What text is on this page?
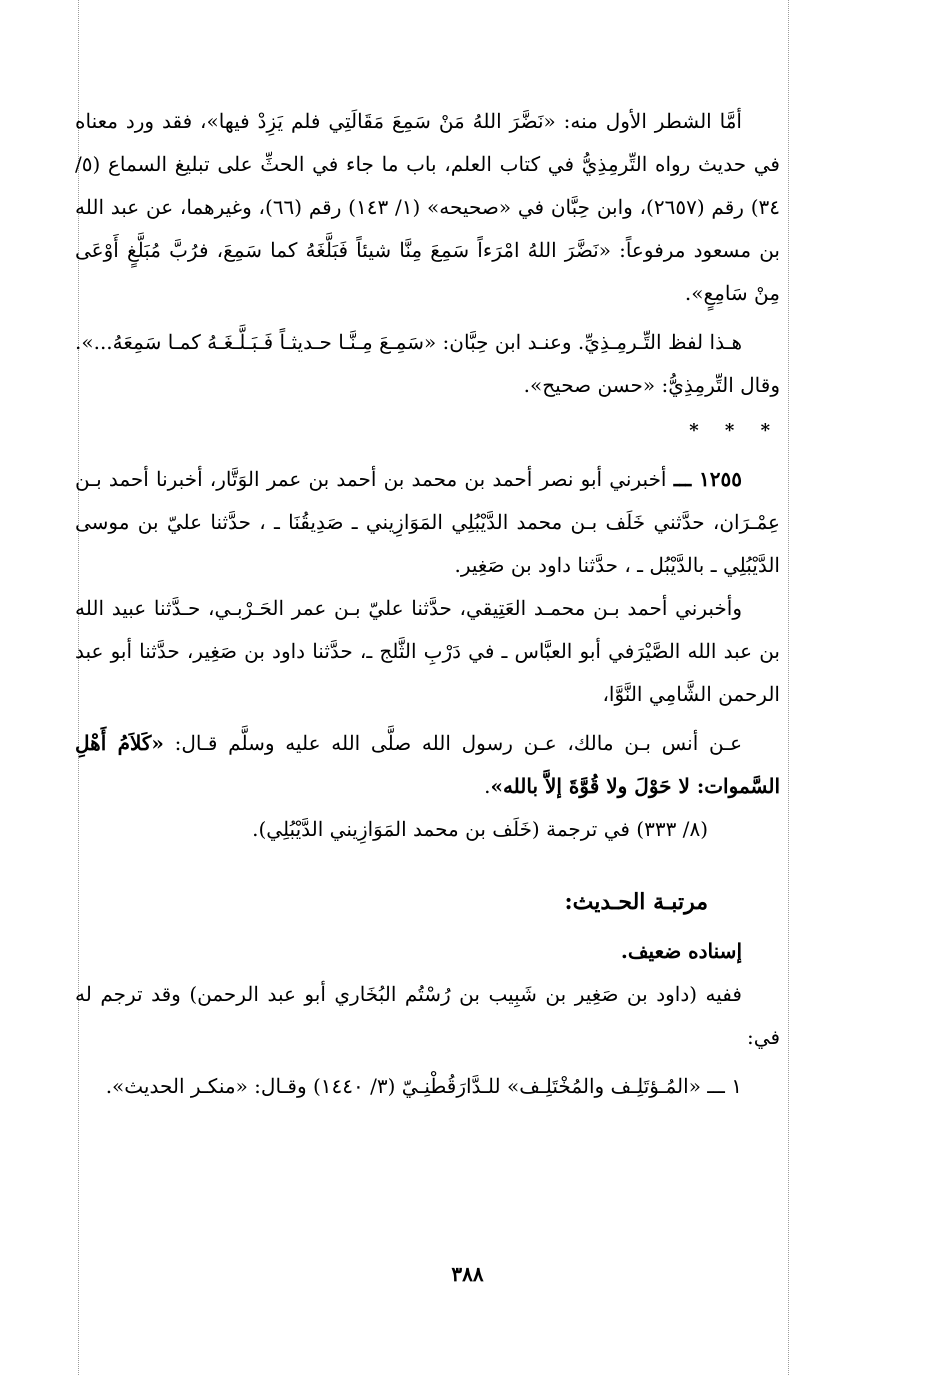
أمَّا الشطر الأول منه: «نَضَّرَ اللهُ مَنْ سَمِعَ مَقَالَتِي فلم يَزِدْ فيها»، فقد ورد معناه في حديث رواه التِّرمِذِيُّ في كتاب العلم، باب ما جاء في الحثِّ على تبليغ السماع (٥/ ٣٤) رقم (٢٦٥٧)، وابن حِبَّان في «صحيحه» (١/ ١٤٣) رقم (٦٦)، وغيرهما، عن عبد الله بن مسعود مرفوعاً: «نَضَّرَ اللهُ امْرَءاً سَمِعَ مِنَّا شيئاً فَبَلَّغَهُ كما سَمِعَ، فرُبَّ مُبَلَّغٍ أَوْعَى مِنْ سَامِعٍ».

هـذا لفظ التِّـرمِـذِيِّ. وعنـد ابن حِبَّان: «سَمِـعَ مِـنَّـا حـديثـاً فَـبَـلَّـغَـهُ كمـا سَمِعَهُ...». وقال التِّرمِذِيُّ: «حسن صحيح».

* * *

١٢٥٥ ـــ أخبرني أبو نصر أحمد بن محمد بن أحمد بن عمر الوَتَّار، أخبرنا أحمد بـن عِمْـرَان، حدَّثني خَلَف بـن محمد الدَّيْبُلِي المَوَازِيني ـ صَدِيقُنَا ـ ، حدَّثنا عليّ بن موسى الدَّيْبُلِي ـ بالدَّيْبُل ـ ، حدَّثنا داود بن صَغِير.

وأخبرني أحمد بـن محمـد العَتِيقي، حدَّثنا عليّ بـن عمر الحَـرْبـي، حـدَّثنا عبيد الله بن عبد الله الصَّيْرَفي أبو العبَّاس ـ في دَرْبِ الثَّلج ـ، حدَّثنا داود بن صَغِير، حدَّثنا أبو عبد الرحمن الشَّامِي النَّوَّا،

عـن أنس بـن مالك، عـن رسول الله صلَّى الله عليه وسلَّم قـال: «كَلاَمُ أَهْلِ السَّموات: لا حَوْلَ ولا قُوَّةَ إلاَّ بالله».

(٨/ ٣٣٣) في ترجمة (خَلَف بن محمد المَوَازِيني الدَّيْبُلِي).

مرتبـة الحـديث:

إسناده ضعيف.

ففيه (داود بن صَغِير بن شَبِيب بن رُسْتُم البُخَاري أبو عبد الرحمن) وقد ترجم له في:

١ ـــ «المُـؤتَلِـف والمُخْتَلِـف» للـدَّارَقُطْنِـيّ (٣/ ١٤٤٠) وقـال: «منكـر الحديث».

٣٨٨
